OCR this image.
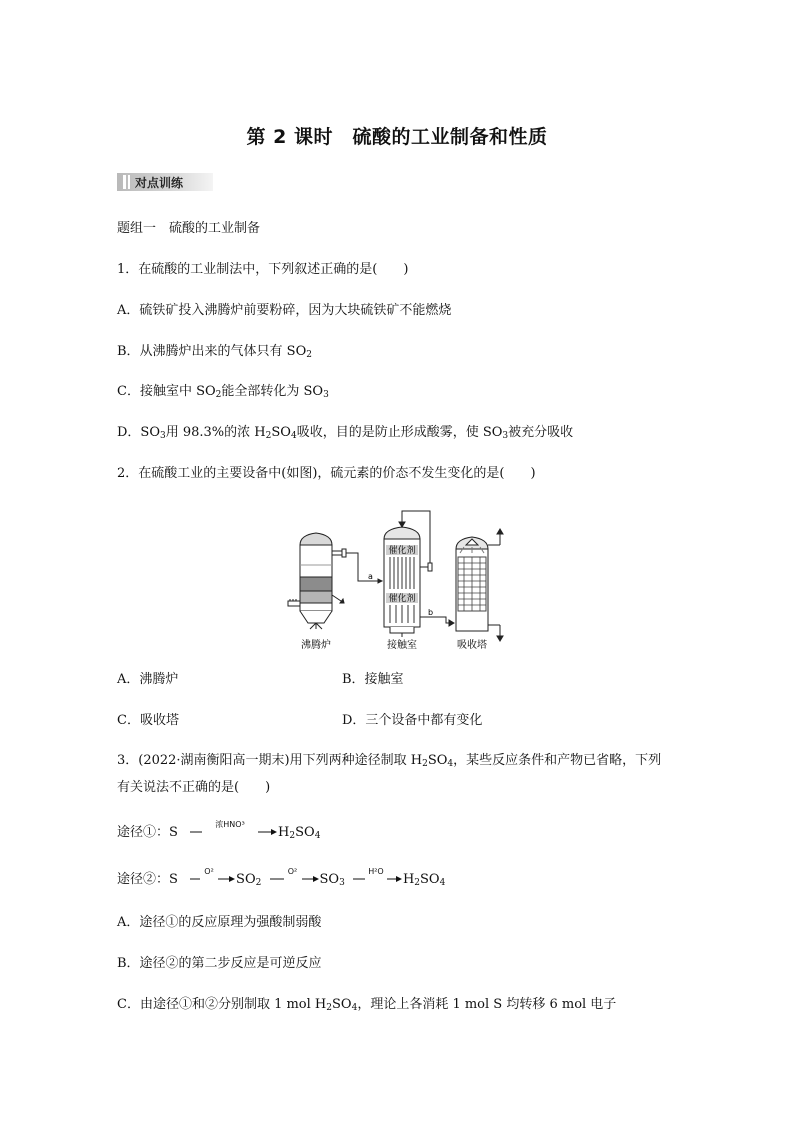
第 2 课时　硫酸的工业制备和性质
对点训练
题组一　硫酸的工业制备
1．在硫酸的工业制法中，下列叙述正确的是(　　)
A．硫铁矿投入沸腾炉前要粉碎，因为大块硫铁矿不能燃烧
B．从沸腾炉出来的气体只有 $SO_2$
C．接触室中 $SO_2$能全部转化为 $SO_3$
D．$SO_3$用 98.3%的浓 $H_2SO_4$吸收，目的是防止形成酸雾，使 $SO_3$被充分吸收
2．在硫酸工业的主要设备中(如图)，硫元素的价态不发生变化的是(　　)
沸腾炉	接触室	吸收塔
催化剂
催化剂
a
b
A．沸腾炉	B．接触室
C．吸收塔	D．三个设备中都有变化
3．(2022·湖南衡阳高一期末)用下列两种途径制取 $H_2SO_4$，某些反应条件和产物已省略，下列
有关说法不正确的是(　　)
途径①：S
浓HNO³
$H_2SO_4$
途径②：S
O²
$SO_2$
O²
$SO_3$
H²O
$H_2SO_4$
A．途径①的反应原理为强酸制弱酸
B．途径②的第二步反应是可逆反应
C．由途径①和②分别制取 1 mol $H_2SO_4$，理论上各消耗 1 mol S 均转移 6 mol 电子
